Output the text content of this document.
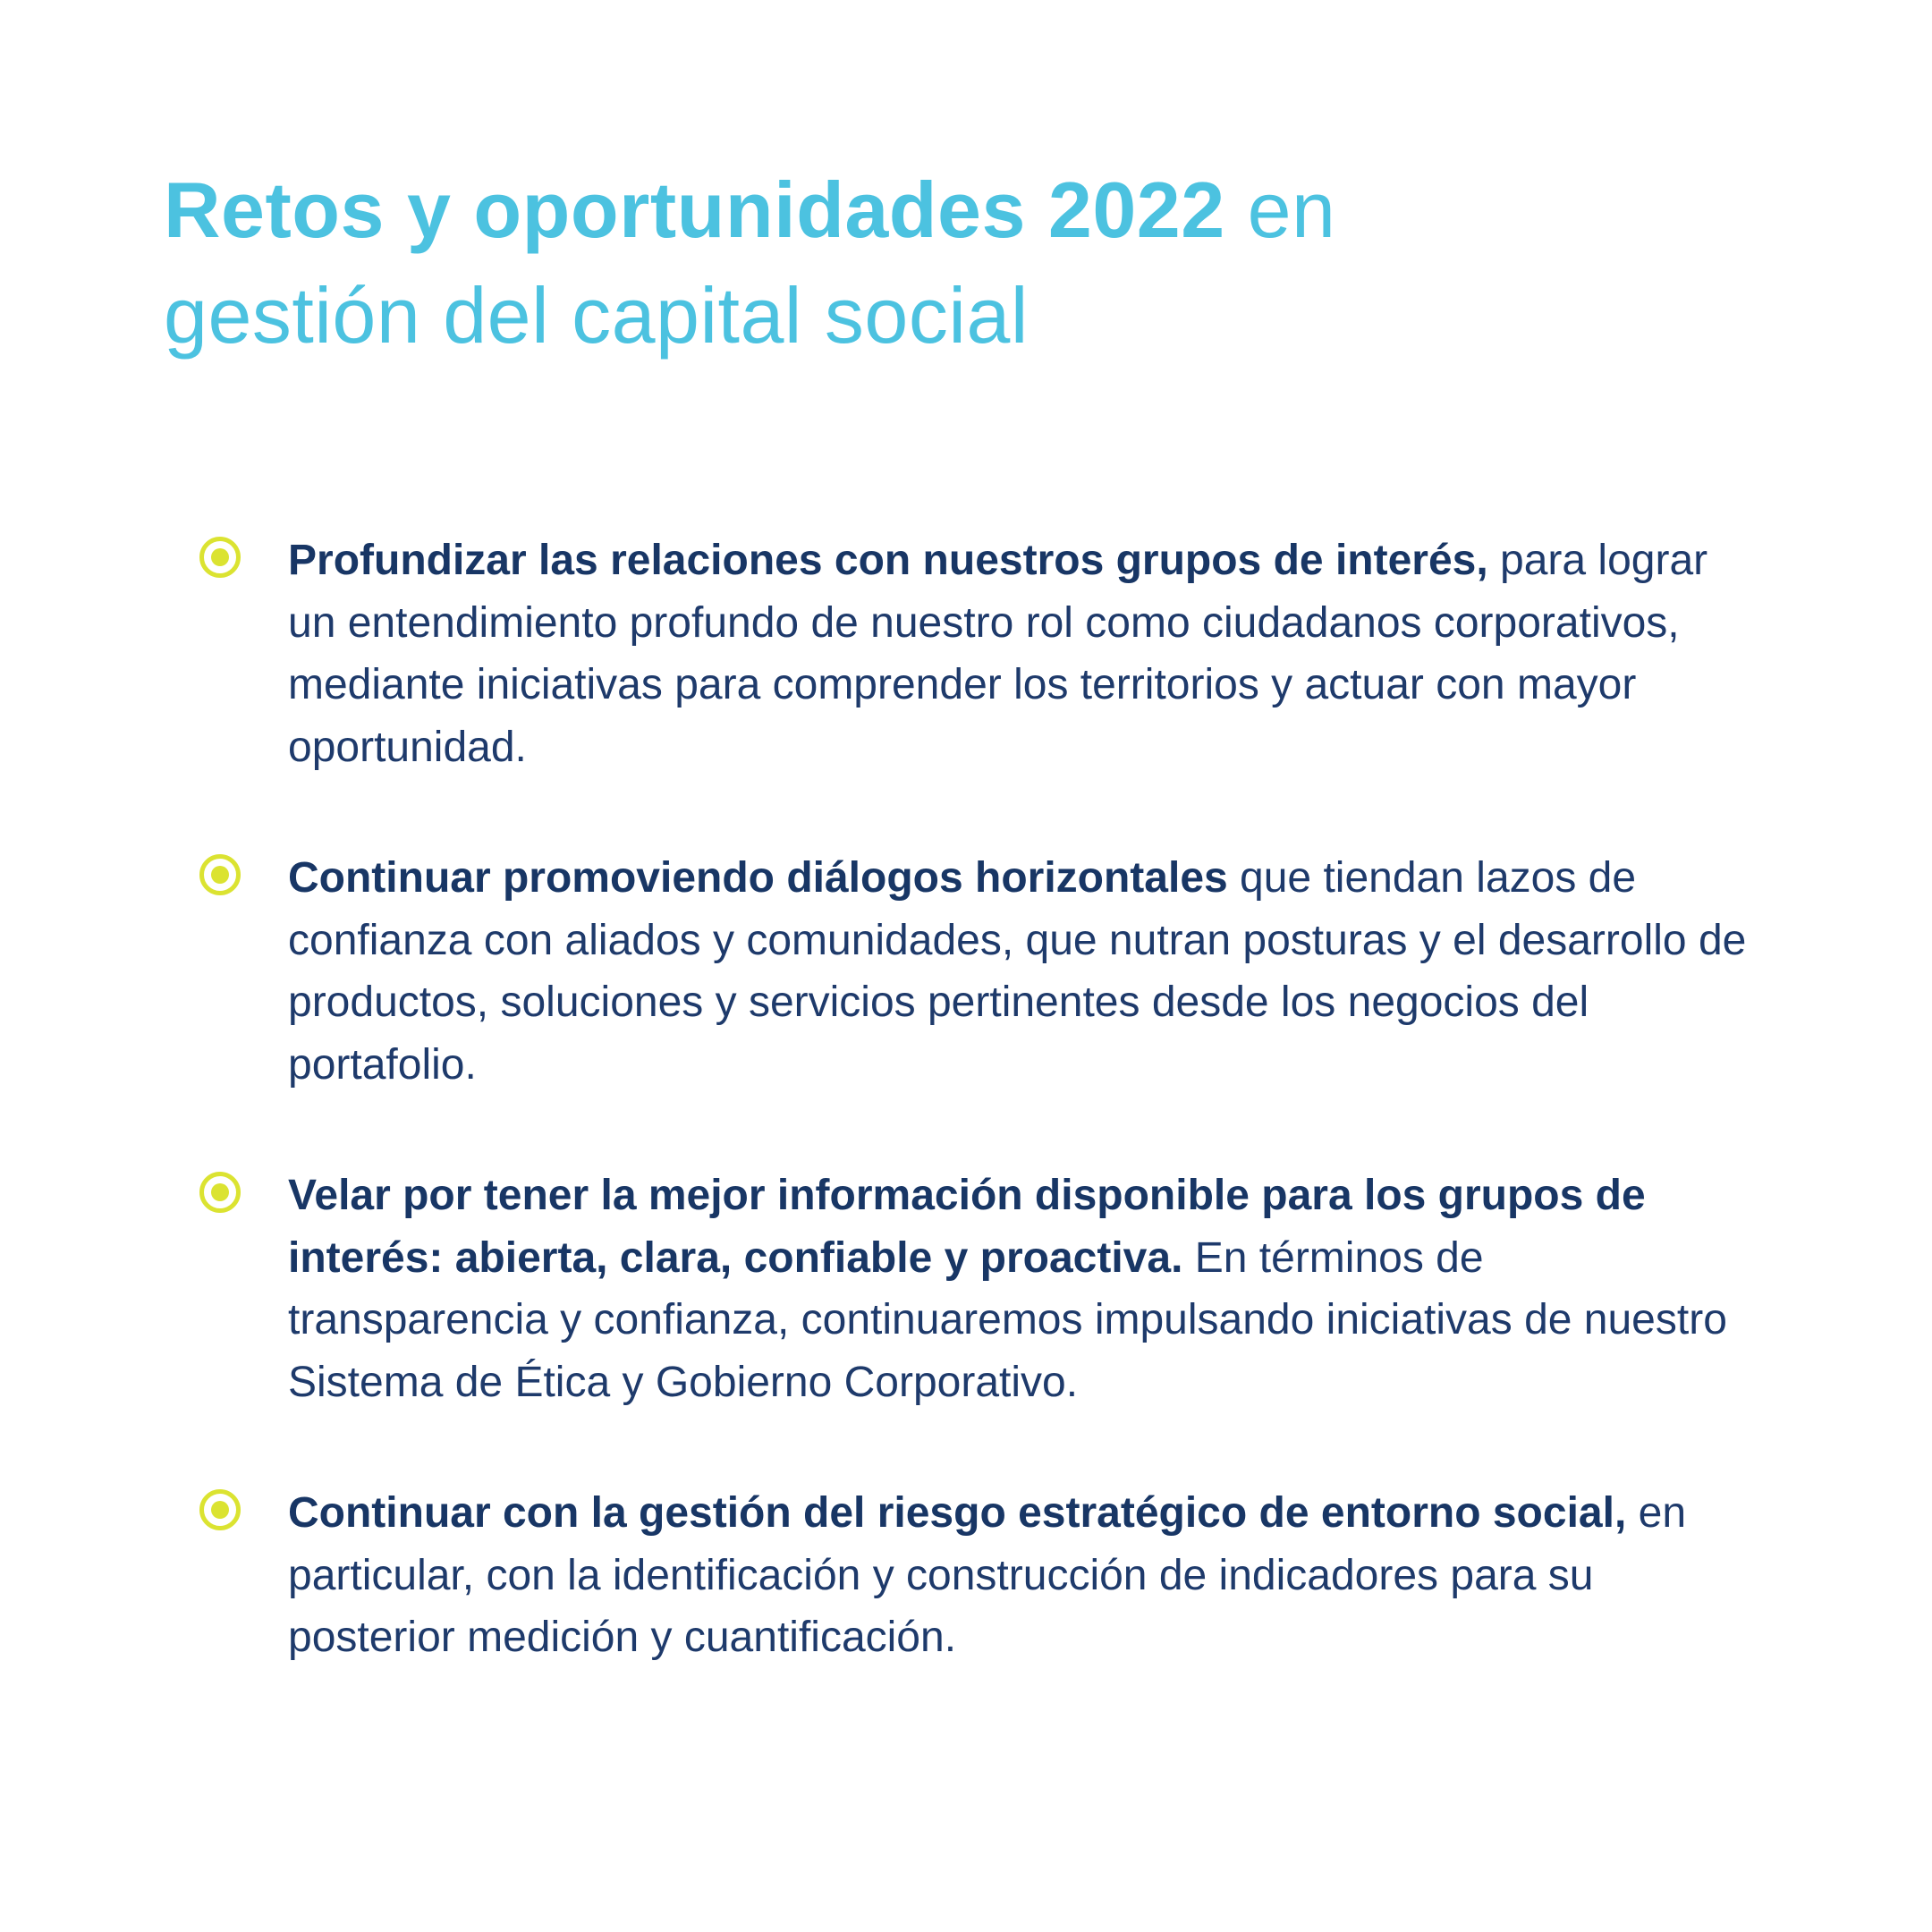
Retos y oportunidades 2022 en
gestión del capital social

Profundizar las relaciones con nuestros grupos de interés, para lograr un entendimiento profundo de nuestro rol como ciudadanos corporativos, mediante iniciativas para comprender los territorios y actuar con mayor oportunidad.

Continuar promoviendo diálogos horizontales que tiendan lazos de confianza con aliados y comunidades, que nutran posturas y el desarrollo de productos, soluciones y servicios pertinentes desde los negocios del portafolio.

Velar por tener la mejor información disponible para los grupos de interés: abierta, clara, confiable y proactiva. En términos de transparencia y confianza, continuaremos impulsando iniciativas de nuestro Sistema de Ética y Gobierno Corporativo.

Continuar con la gestión del riesgo estratégico de entorno social, en particular, con la identificación y construcción de indicadores para su posterior medición y cuantificación.
